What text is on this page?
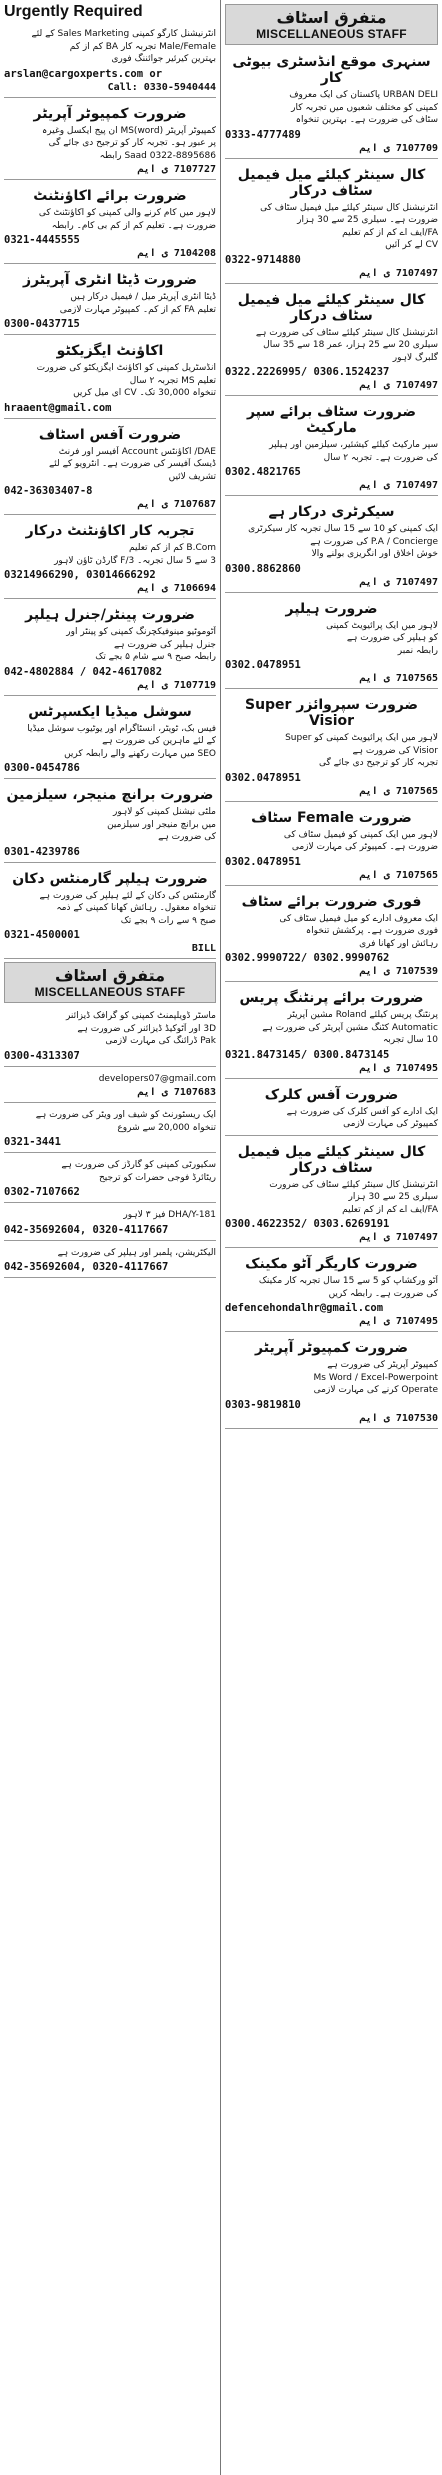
Urgently Required
انٹرنیشنل کارگو کمپنی Sales Marketing کے لئے
Male/Female تجربہ کار BA کم از کم
بہترین کیرئیر جوائننگ فوری
arslan@cargoxperts.com or
Call: 0330-5940444
ضرورت کمپیوٹر آپریٹر
کمپیوٹر آپریٹر MS(word) ان پیج ایکسل وغیرہ
پر عبور ہو۔ تجربہ کار کو ترجیح دی جائے گی
Saad 0322-8895686 رابطہ
7107727 ی ایم
ضرورت برائے اکاؤنٹنٹ
لاہور میں کام کرنے والی کمپنی کو اکاؤنٹنٹ کی
ضرورت ہے۔ تعلیم کم از کم بی کام۔ رابطہ
0321-4445555
7104208 ی ایم
ضرورت ڈیٹا انٹری آپریٹرز
ڈیٹا انٹری آپریٹر میل / فیمیل درکار ہیں
تعلیم FA کم از کم۔ کمپیوٹر مہارت لازمی
0300-0437715
اکاؤنٹ ایگزیکٹو
انڈسٹریل کمپنی کو اکاؤنٹ ایگزیکٹو کی ضرورت
تعلیم MS تجربہ ۲ سال
تنخواہ 30,000 تک۔ CV ای میل کریں
hraaent@gmail.com
ضرورت آفس اسٹاف
DAE/ اکاؤنٹس Account آفیسر اور فرنٹ
ڈیسک آفیسر کی ضرورت ہے۔ انٹرویو کے لئے
تشریف لائیں
042-36303407-8
7107687 ی ایم
تجربہ کار اکاؤنٹنٹ درکار
B.Com کم از کم تعلیم
3 سے 5 سال تجربہ۔ 3/F گارڈن ٹاؤن لاہور
03214966290, 03014666292
7106694 ی ایم
ضرورت پینٹر/جنرل ہیلپر
آٹوموٹیو مینوفیکچرنگ کمپنی کو پینٹر اور
جنرل ہیلپر کی ضرورت ہے
رابطہ صبح ۹ سے شام ۵ بجے تک
042-4802884 / 042-4617082
7107719 ی ایم
سوشل میڈیا ایکسپرٹس
فیس بک، ٹویٹر، انسٹاگرام اور یوٹیوب سوشل میڈیا
کے لئے ماہرین کی ضرورت ہے
SEO میں مہارت رکھنے والے رابطہ کریں
0300-0454786
ضرورت برانچ منیجر، سیلزمین
ملٹی نیشنل کمپنی کو لاہور
میں برانچ منیجر اور سیلزمین
کی ضرورت ہے
0301-4239786
ضرورت ہیلپر گارمنٹس دکان
گارمنٹس کی دکان کے لئے ہیلپر کی ضرورت ہے
تنخواہ معقول۔ رہائش کھانا کمپنی کے ذمہ
صبح ۹ سے رات ۹ بجے تک
0321-4500001
BILL
متفرق اسٹاف
MISCELLANEOUS STAFF
ماسٹر ڈویلپمنٹ کمپنی کو گرافک ڈیزائنر
3D اور آٹوکیڈ ڈیزائنر کی ضرورت ہے
Pak ڈرائنگ کی مہارت لازمی
0300-4313307
developers07@gmail.com
7107683 ی ایم
ایک ریسٹورنٹ کو شیف اور ویٹر کی ضرورت ہے
تنخواہ 20,000 سے شروع
0321-3441
سکیورٹی کمپنی کو گارڈز کی ضرورت ہے
ریٹائرڈ فوجی حضرات کو ترجیح
0302-7107662
DHA/Y-181 فیز ۳ لاہور
042-35692604, 0320-4117667
الیکٹریشن، پلمبر اور ہیلپر کی ضرورت ہے
042-35692604, 0320-4117667
متفرق اسٹاف
MISCELLANEOUS STAFF
سنہری موقع انڈسٹری بیوٹی کار
URBAN DELI پاکستان کی ایک معروف
کمپنی کو مختلف شعبوں میں تجربہ کار
سٹاف کی ضرورت ہے۔ بہترین تنخواہ
0333-4777489
7107709 ی ایم
کال سینٹر کیلئے میل فیمیل سٹاف درکار
انٹرنیشنل کال سینٹر کیلئے میل فیمیل سٹاف کی
ضرورت ہے۔ سیلری 25 سے 30 ہزار
FA/ایف اے کم از کم تعلیم
CV لے کر آئیں
0322-9714880
7107497 ی ایم
کال سینٹر کیلئے میل فیمیل سٹاف درکار
انٹرنیشنل کال سینٹر کیلئے سٹاف کی ضرورت ہے
سیلری 20 سے 25 ہزار، عمر 18 سے 35 سال
گلبرگ لاہور
0322.2226995/ 0306.1524237
7107497 ی ایم
ضرورت سٹاف برائے سپر مارکیٹ
سپر مارکیٹ کیلئے کیشئیر، سیلزمین اور ہیلپر
کی ضرورت ہے۔ تجربہ ۲ سال
0302.4821765
7107497 ی ایم
سیکرٹری درکار ہے
ایک کمپنی کو 10 سے 15 سال تجربہ کار سیکرٹری
P.A / Concierge کی ضرورت ہے
خوش اخلاق اور انگریزی بولنے والا
0300.8862860
7107497 ی ایم
ضرورت ہیلپر
لاہور میں ایک پرائیویٹ کمپنی
کو ہیلپر کی ضرورت ہے
رابطہ نمبر
0302.0478951
7107565 ی ایم
ضرورت سپروائزر Super Visior
لاہور میں ایک پرائیویٹ کمپنی کو Super
Visior کی ضرورت ہے
تجربہ کار کو ترجیح دی جائے گی
0302.0478951
7107565 ی ایم
ضرورت Female سٹاف
لاہور میں ایک کمپنی کو فیمیل سٹاف کی
ضرورت ہے۔ کمپیوٹر کی مہارت لازمی
0302.0478951
7107565 ی ایم
فوری ضرورت برائے سٹاف
ایک معروف ادارے کو میل فیمیل سٹاف کی
فوری ضرورت ہے۔ پرکشش تنخواہ
رہائش اور کھانا فری
0302.9990722/ 0302.9990762
7107539 ی ایم
ضرورت برائے پرنٹنگ پریس
پرنٹنگ پریس کیلئے Roland مشین آپریٹر
Automatic کٹنگ مشین آپریٹر کی ضرورت ہے
10 سال تجربہ
0321.8473145/ 0300.8473145
7107495 ی ایم
ضرورت آفس کلرک
ایک ادارے کو آفس کلرک کی ضرورت ہے
کمپیوٹر کی مہارت لازمی
کال سینٹر کیلئے میل فیمیل سٹاف درکار
انٹرنیشنل کال سینٹر کیلئے سٹاف کی ضرورت
سیلری 25 سے 30 ہزار
FA/ایف اے کم از کم تعلیم
0300.4622352/ 0303.6269191
7107497 ی ایم
ضرورت کاریگر آٹو مکینک
آٹو ورکشاپ کو 5 سے 15 سال تجربہ کار مکینک
کی ضرورت ہے۔ رابطہ کریں
defencehondalhr@gmail.com
7107495 ی ایم
ضرورت کمپیوٹر آپریٹر
کمپیوٹر آپریٹر کی ضرورت ہے
Ms Word / Excel-Powerpoint
Operate کرنے کی مہارت لازمی
0303-9819810
7107530 ی ایم
